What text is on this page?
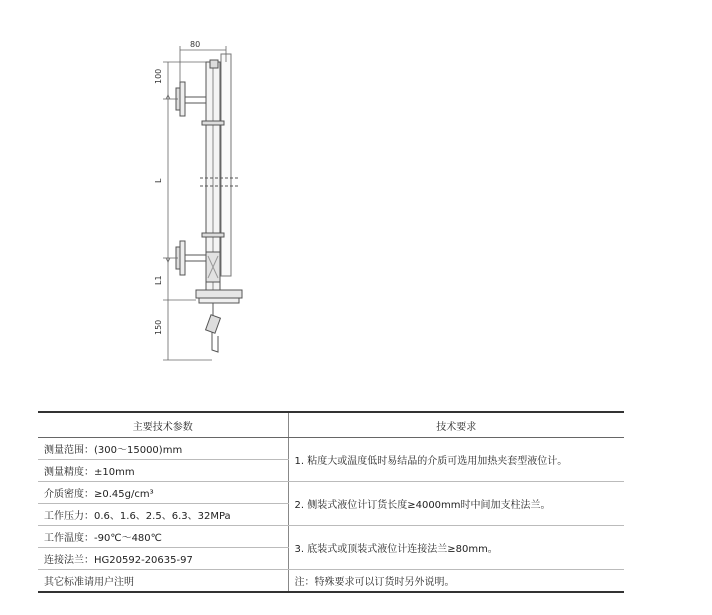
80
100
L
L1
150
主要技术参数	技术要求
测量范围：(300～15000)mm	1. 粘度大或温度低时易结晶的介质可选用加热夹套型液位计。
测量精度：±10mm	
介质密度：≥0.45g/cm³	2. 侧装式液位计订货长度≥4000mm时中间加支柱法兰。
工作压力：0.6、1.6、2.5、6.3、32MPa	
工作温度：-90℃～480℃	3. 底装式或顶装式液位计连接法兰≥80mm。
连接法兰：HG20592-20635-97	
其它标准请用户注明	注：特殊要求可以订货时另外说明。
